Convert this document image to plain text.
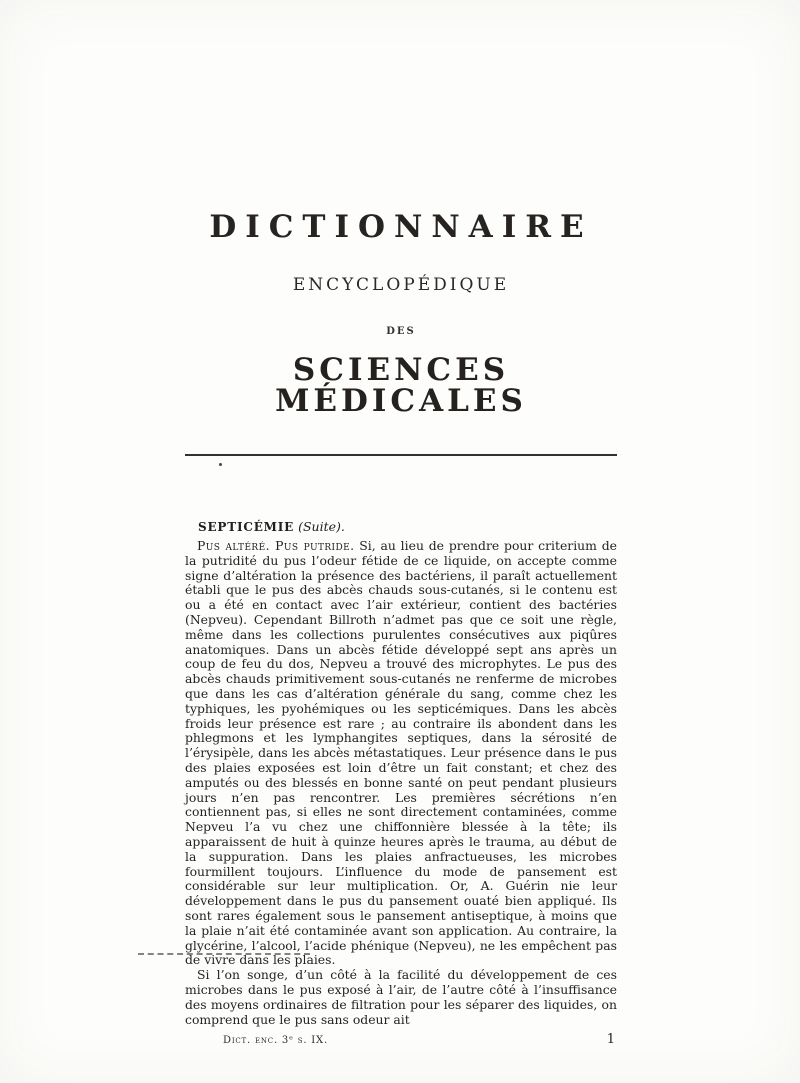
DICTIONNAIRE
ENCYCLOPÉDIQUE
DES
SCIENCES MÉDICALES

SEPTICÉMIE (Suite).

Pus altéré. Pus putride. Si, au lieu de prendre pour criterium de la putridité du pus l’odeur fétide de ce liquide, on accepte comme signe d’altération la présence des bactériens, il paraît actuellement établi que le pus des abcès chauds sous-cutanés, si le contenu est ou a été en contact avec l’air extérieur, contient des bactéries (Nepveu). Cependant Billroth n’admet pas que ce soit une règle, même dans les collections purulentes consécutives aux piqûres anatomiques. Dans un abcès fétide développé sept ans après un coup de feu du dos, Nepveu a trouvé des microphytes. Le pus des abcès chauds primitivement sous-cutanés ne renferme de microbes que dans les cas d’altération générale du sang, comme chez les typhiques, les pyohémiques ou les septicémiques. Dans les abcès froids leur présence est rare ; au contraire ils abondent dans les phlegmons et les lymphangites septiques, dans la sérosité de l’érysipèle, dans les abcès métastatiques. Leur présence dans le pus des plaies exposées est loin d’être un fait constant; et chez des amputés ou des blessés en bonne santé on peut pendant plusieurs jours n’en pas rencontrer. Les premières sécrétions n’en contiennent pas, si elles ne sont directement contaminées, comme Nepveu l’a vu chez une chiffonnière blessée à la tête; ils apparaissent de huit à quinze heures après le trauma, au début de la suppuration. Dans les plaies anfractueuses, les microbes fourmillent toujours. L’influence du mode de pansement est considérable sur leur multiplication. Or, A. Guérin nie leur développement dans le pus du pansement ouaté bien appliqué. Ils sont rares également sous le pansement antiseptique, à moins que la plaie n’ait été contaminée avant son application. Au contraire, la glycérine, l’alcool, l’acide phénique (Nepveu), ne les empêchent pas de vivre dans les plaies.

Si l’on songe, d’un côté à la facilité du développement de ces microbes dans le pus exposé à l’air, de l’autre côté à l’insuffisance des moyens ordinaires de filtration pour les séparer des liquides, on comprend que le pus sans odeur ait

Dict. enc. 3ᵉ s. IX.	1
